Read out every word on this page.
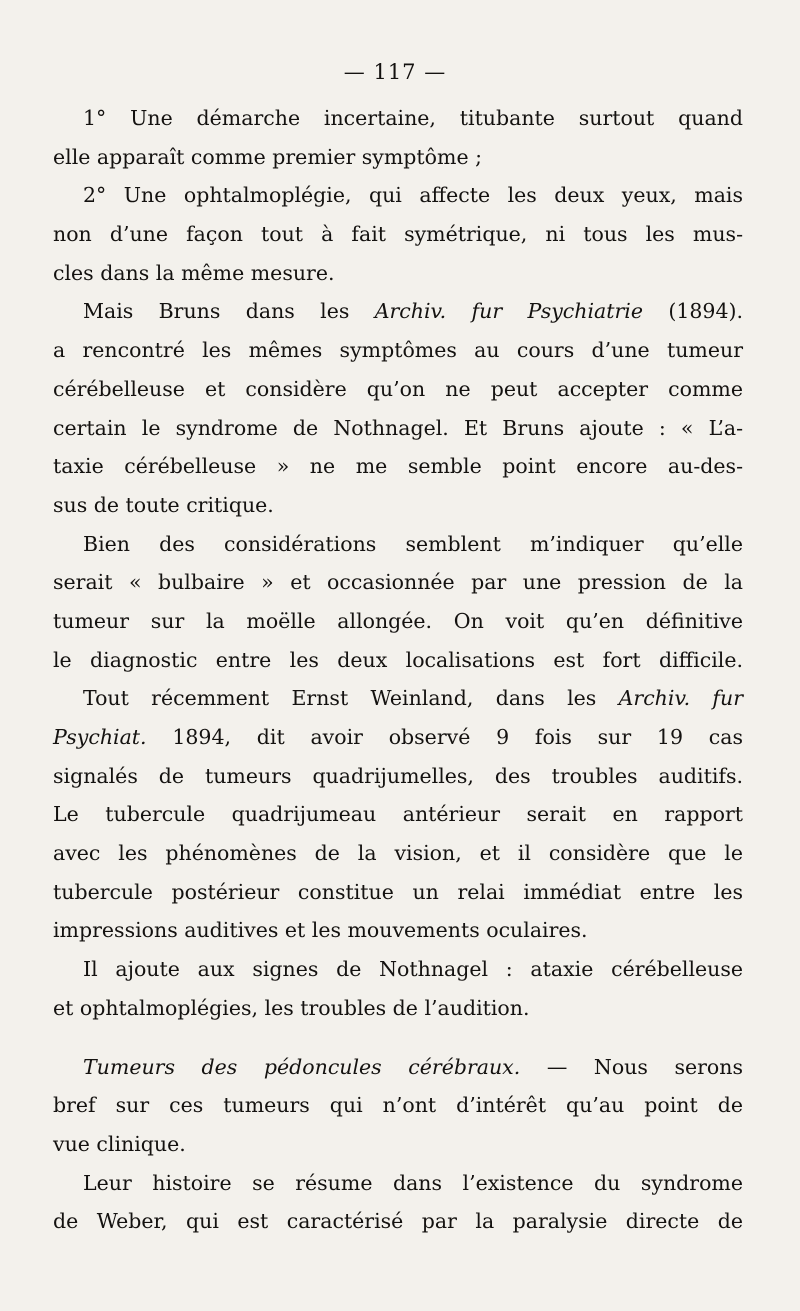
— 117 —
1° Une démarche incertaine, titubante surtout quand
elle apparaît comme premier symptôme ;
2° Une ophtalmoplégie, qui affecte les deux yeux, mais
non d’une façon tout à fait symétrique, ni tous les mus-
cles dans la même mesure.
Mais Bruns dans les Archiv. fur Psychiatrie (1894).
a rencontré les mêmes symptômes au cours d’une tumeur
cérébelleuse et considère qu’on ne peut accepter comme
certain le syndrome de Nothnagel. Et Bruns ajoute : « L’a-
taxie cérébelleuse » ne me semble point encore au-des-
sus de toute critique.
Bien des considérations semblent m’indiquer qu’elle
serait « bulbaire » et occasionnée par une pression de la
tumeur sur la moëlle allongée. On voit qu’en définitive
le diagnostic entre les deux localisations est fort difficile.
Tout récemment Ernst Weinland, dans les Archiv. fur
Psychiat. 1894, dit avoir observé 9 fois sur 19 cas
signalés de tumeurs quadrijumelles, des troubles auditifs.
Le tubercule quadrijumeau antérieur serait en rapport
avec les phénomènes de la vision, et il considère que le
tubercule postérieur constitue un relai immédiat entre les
impressions auditives et les mouvements oculaires.
Il ajoute aux signes de Nothnagel : ataxie cérébelleuse
et ophtalmoplégies, les troubles de l’audition.
Tumeurs des pédoncules cérébraux. — Nous serons
bref sur ces tumeurs qui n’ont d’intérêt qu’au point de
vue clinique.
Leur histoire se résume dans l’existence du syndrome
de Weber, qui est caractérisé par la paralysie directe de
